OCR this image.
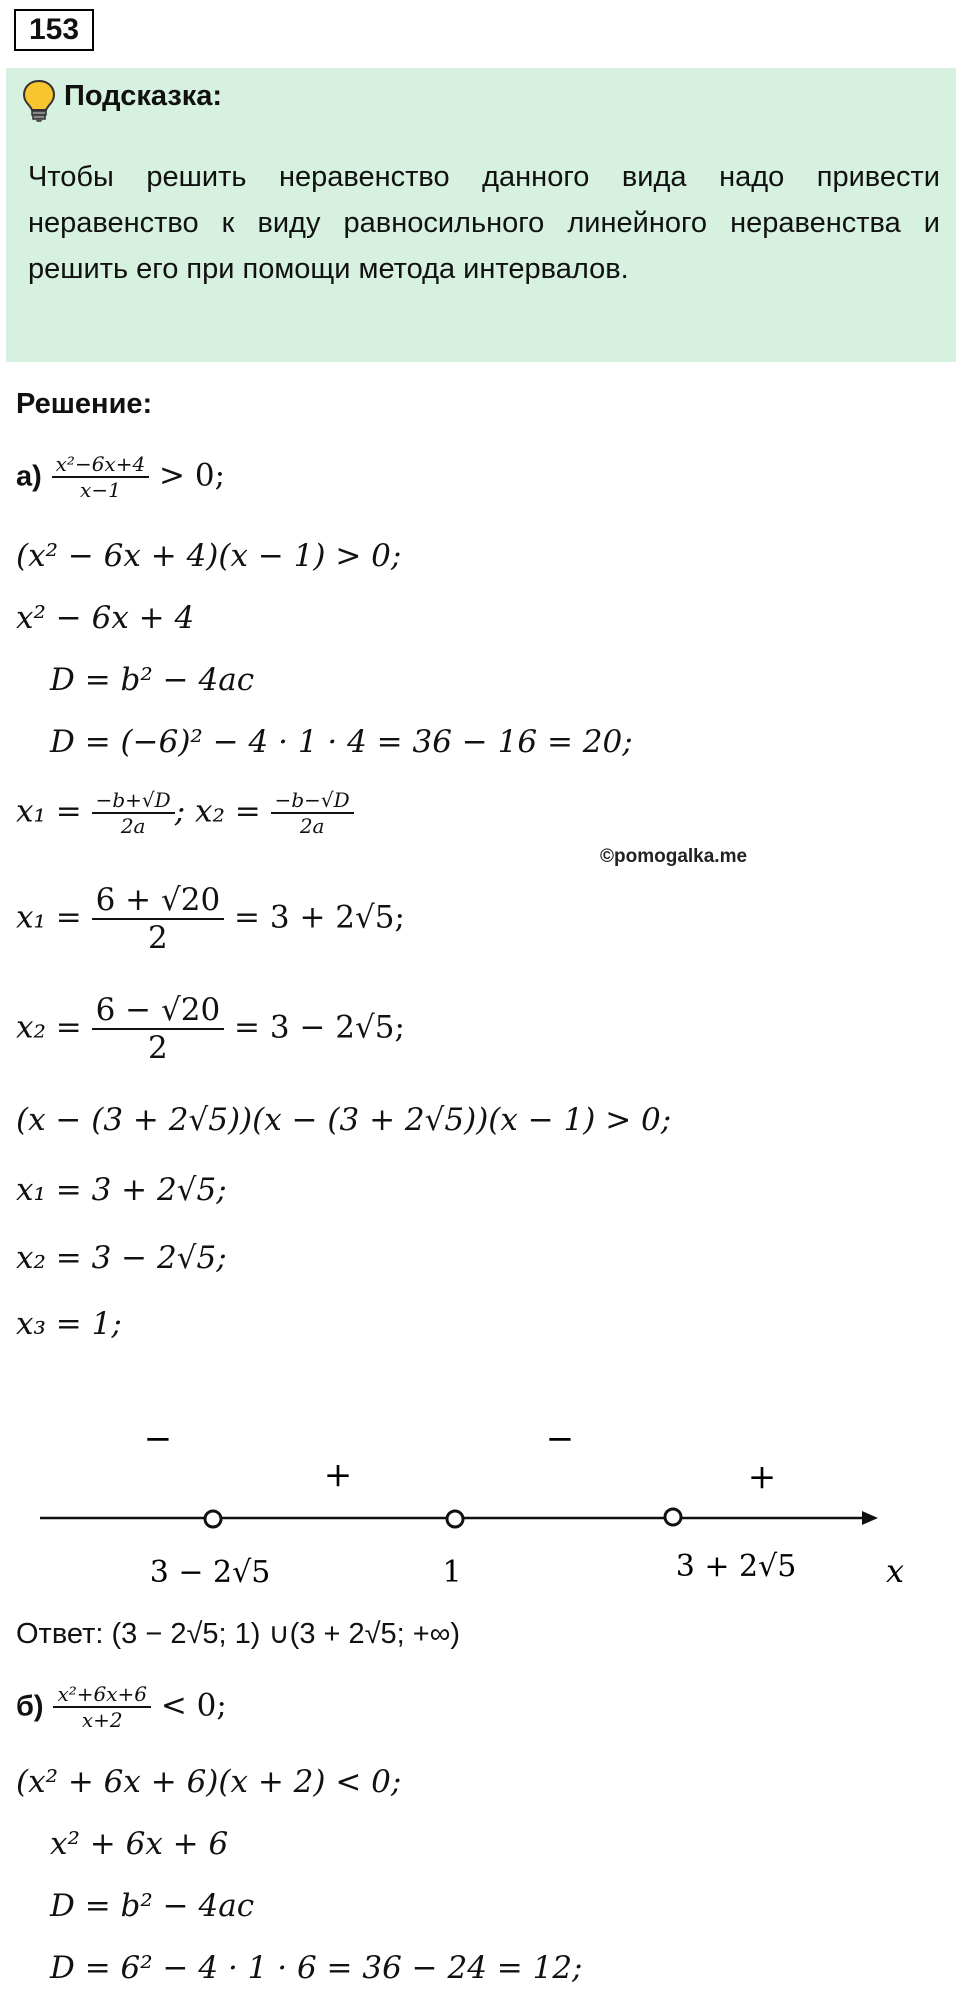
153
Подсказка:
Чтобы решить неравенство данного вида надо привести неравенство к виду равносильного линейного неравенства и решить его при помощи метода интервалов.
Решение:
$а) \frac{\text{x²−6x+4}}{x-1} > 0$;
(x² − 6x + 4)(x − 1) > 0;
x² − 6x + 4
D = b² − 4ac
D = (−6)² − 4 · 1 · 4 = 36 − 16 = 20;
$x_1 = \frac{-b+√D}{2a}$ ; $x_2 = \frac{-b-√D}{2a}$
©pomogalka.me
$x_1 = \frac{6 + √20}{2} = 3 + 2√5$;
$x_2 = \frac{6 - √20}{2} = 3 - 2√5$;
(x − (3 + 2√5))(x − (3 + 2√5))(x − 1) > 0;
x₁ = 3 + 2√5;
x₂ = 3 − 2√5;
x₃ = 1;
−
+
−
+
3 − 2√5	1	3 + 2√5	x
Ответ: (3 − 2√5; 1) ∪(3 + 2√5; +∞)
$б) \frac{\text{x²+6x+6}}{x+2} < 0$;
(x² + 6x + 6)(x + 2) < 0;
x² + 6x + 6
D = b² − 4ac
D = 6² − 4 · 1 · 6 = 36 − 24 = 12;
